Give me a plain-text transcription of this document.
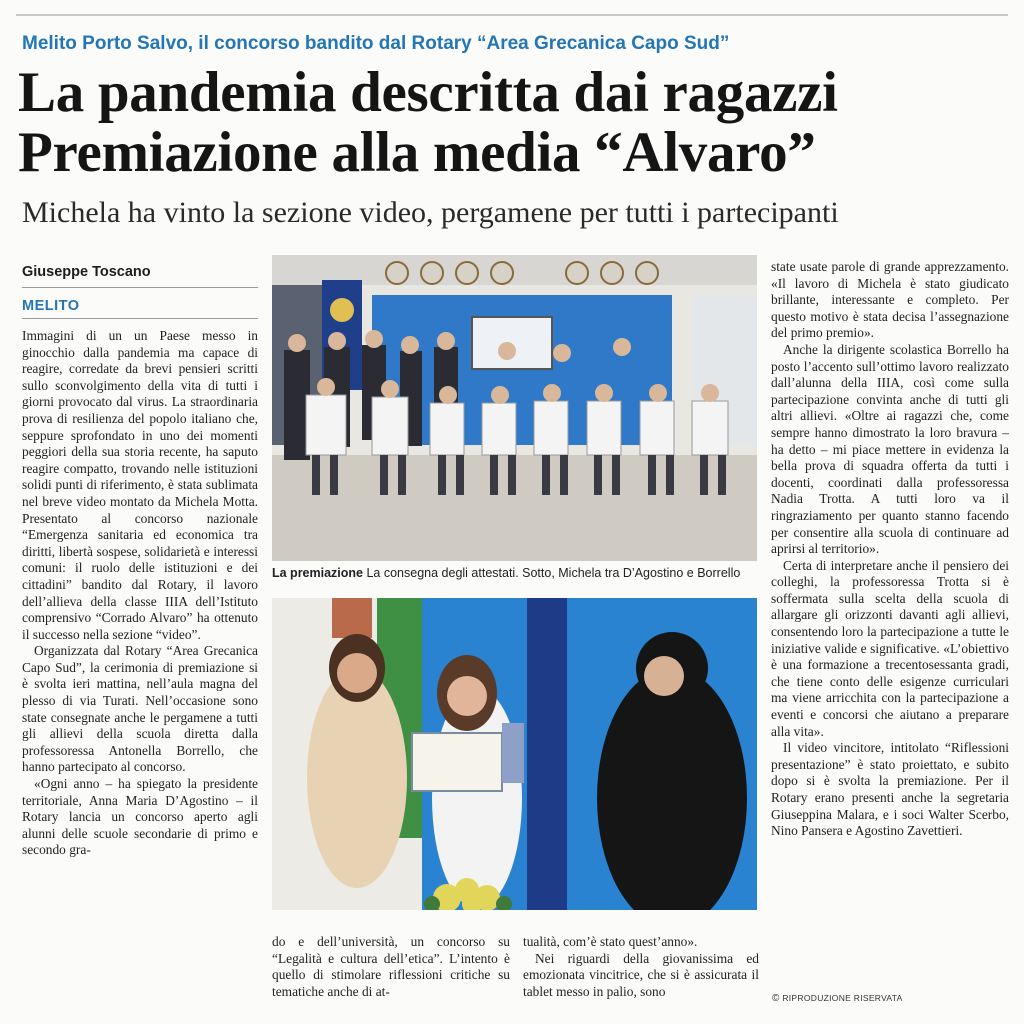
Melito Porto Salvo, il concorso bandito dal Rotary “Area Grecanica Capo Sud”
La pandemia descritta dai ragazzi
Premiazione alla media “Alvaro”
Michela ha vinto la sezione video, pergamene per tutti i partecipanti
Giuseppe Toscano
MELITO

Immagini di un un Paese messo in ginocchio dalla pandemia ma capace di reagire, corredate da brevi pensieri scritti sullo sconvolgimento della vita di tutti i giorni provocato dal virus. La straordinaria prova di resilienza del popolo italiano che, seppure sprofondato in uno dei momenti peggiori della sua storia recente, ha saputo reagire compatto, trovando nelle istituzioni solidi punti di riferimento, è stata sublimata nel breve video montato da Michela Motta. Presentato al concorso nazionale “Emergenza sanitaria ed economica tra diritti, libertà sospese, solidarietà e interessi comuni: il ruolo delle istituzioni e dei cittadini” bandito dal Rotary, il lavoro dell’allieva della classe IIIA dell’Istituto comprensivo “Corrado Alvaro” ha ottenuto il successo nella sezione “video”.

Organizzata dal Rotary “Area Grecanica Capo Sud”, la cerimonia di premiazione si è svolta ieri mattina, nell’aula magna del plesso di via Turati. Nell’occasione sono state consegnate anche le pergamene a tutti gli allievi della scuola diretta dalla professoressa Antonella Borrello, che hanno partecipato al concorso.

«Ogni anno – ha spiegato la presidente territoriale, Anna Maria D’Agostino – il Rotary lancia un concorso aperto agli alunni delle scuole secondarie di primo e secondo gra-

La premiazione La consegna degli attestati. Sotto, Michela tra D’Agostino e Borrello

do e dell’università, un concorso su “Legalità e cultura dell’etica”. L’intento è quello di stimolare riflessioni critiche su tematiche anche di at-

tualità, com’è stato quest’anno».

Nei riguardi della giovanissima ed emozionata vincitrice, che si è assicurata il tablet messo in palio, sono

state usate parole di grande apprezzamento. «Il lavoro di Michela è stato giudicato brillante, interessante e completo. Per questo motivo è stata decisa l’assegnazione del primo premio».

Anche la dirigente scolastica Borrello ha posto l’accento sull’ottimo lavoro realizzato dall’alunna della IIIA, così come sulla partecipazione convinta anche di tutti gli altri allievi. «Oltre ai ragazzi che, come sempre hanno dimostrato la loro bravura – ha detto – mi piace mettere in evidenza la bella prova di squadra offerta da tutti i docenti, coordinati dalla professoressa Nadia Trotta. A tutti loro va il ringraziamento per quanto stanno facendo per consentire alla scuola di continuare ad aprirsi al territorio».

Certa di interpretare anche il pensiero dei colleghi, la professoressa Trotta si è soffermata sulla scelta della scuola di allargare gli orizzonti davanti agli allievi, consentendo loro la partecipazione a tutte le iniziative valide e significative. «L’obiettivo è una formazione a trecentosessanta gradi, che tiene conto delle esigenze curriculari ma viene arricchita con la partecipazione a eventi e concorsi che aiutano a preparare alla vita».

Il video vincitore, intitolato “Riflessioni presentazione” è stato proiettato, e subito dopo si è svolta la premiazione. Per il Rotary erano presenti anche la segretaria Giuseppina Malara, e i soci Walter Scerbo, Nino Pansera e Agostino Zavettieri.

© RIPRODUZIONE RISERVATA
